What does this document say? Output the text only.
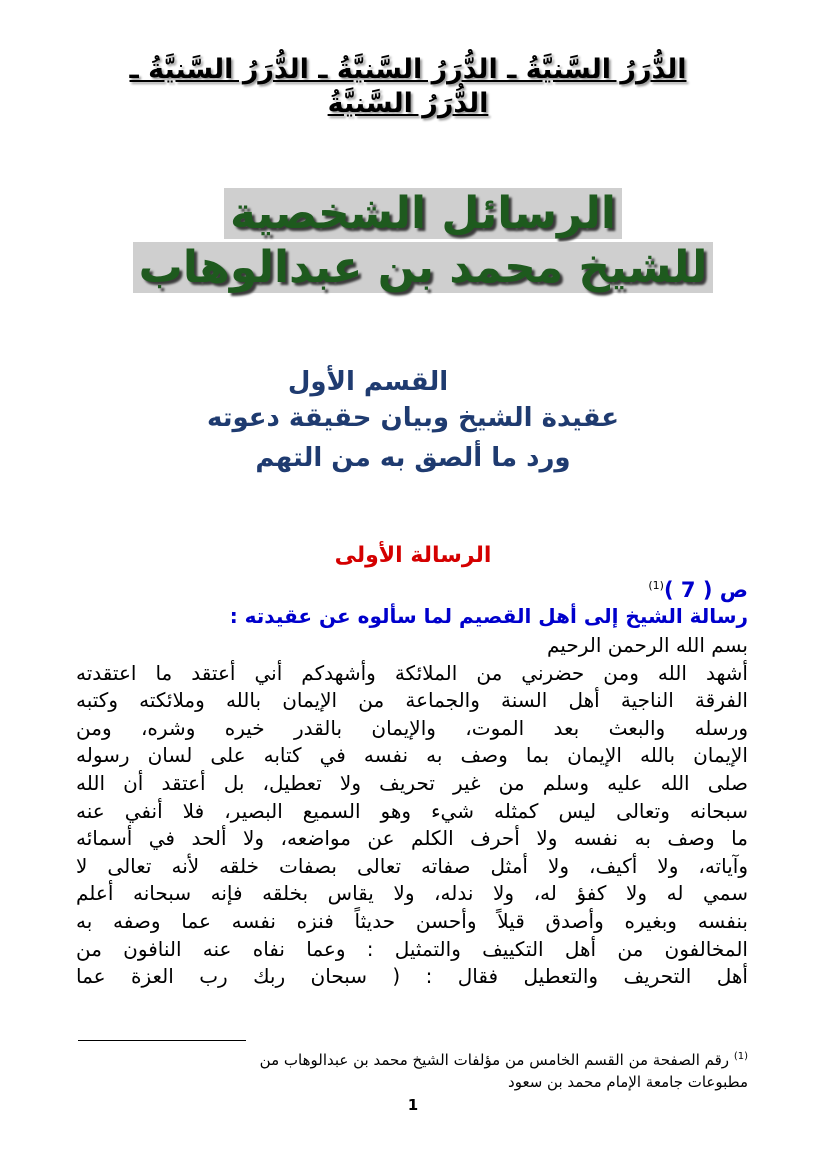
الدُّرَرُ السَّنيَّةُ ـ الدُّرَرُ السَّنيَّةُ ـ الدُّرَرُ السَّنيَّةُ ـ
الدُّرَرُ السَّنيَّةُ
الرسائل الشخصية
للشيخ محمد بن عبدالوهاب
القسم الأول
عقيدة الشيخ وبيان حقيقة دعوته
ورد ما ألصق به من التهم
الرسالة الأولى
ص ( 7 )$^{(1)}$
رسالة الشيخ إلى أهل القصيم لما سألوه عن عقيدته :
بسم الله الرحمن الرحيم
أشهد الله ومن حضرني من الملائكة وأشهدكم أني أعتقد ما اعتقدته
الفرقة الناجية أهل السنة والجماعة من الإيمان بالله وملائكته وكتبه
ورسله والبعث بعد الموت، والإيمان بالقدر خيره وشره، ومن
الإيمان بالله الإيمان بما وصف به نفسه في كتابه على لسان رسوله
صلى الله عليه وسلم من غير تحريف ولا تعطيل، بل أعتقد أن الله
سبحانه وتعالى ليس كمثله شيء وهو السميع البصير، فلا أنفي عنه
ما وصف به نفسه ولا أحرف الكلم عن مواضعه، ولا ألحد في أسمائه
وآياته، ولا أكيف، ولا أمثل صفاته تعالى بصفات خلقه لأنه تعالى لا
سمي له ولا كفؤ له، ولا ندله، ولا يقاس بخلقه فإنه سبحانه أعلم
بنفسه وبغيره وأصدق قيلاً وأحسن حديثاً فنزه نفسه عما وصفه به
المخالفون من أهل التكييف والتمثيل : وعما نفاه عنه النافون من
أهل التحريف والتعطيل فقال : ( سبحان ربك رب العزة عما
$^{(1)}$ رقم الصفحة من القسم الخامس من مؤلفات الشيخ محمد بن عبدالوهاب من
مطبوعات جامعة الإمام محمد بن سعود
1
